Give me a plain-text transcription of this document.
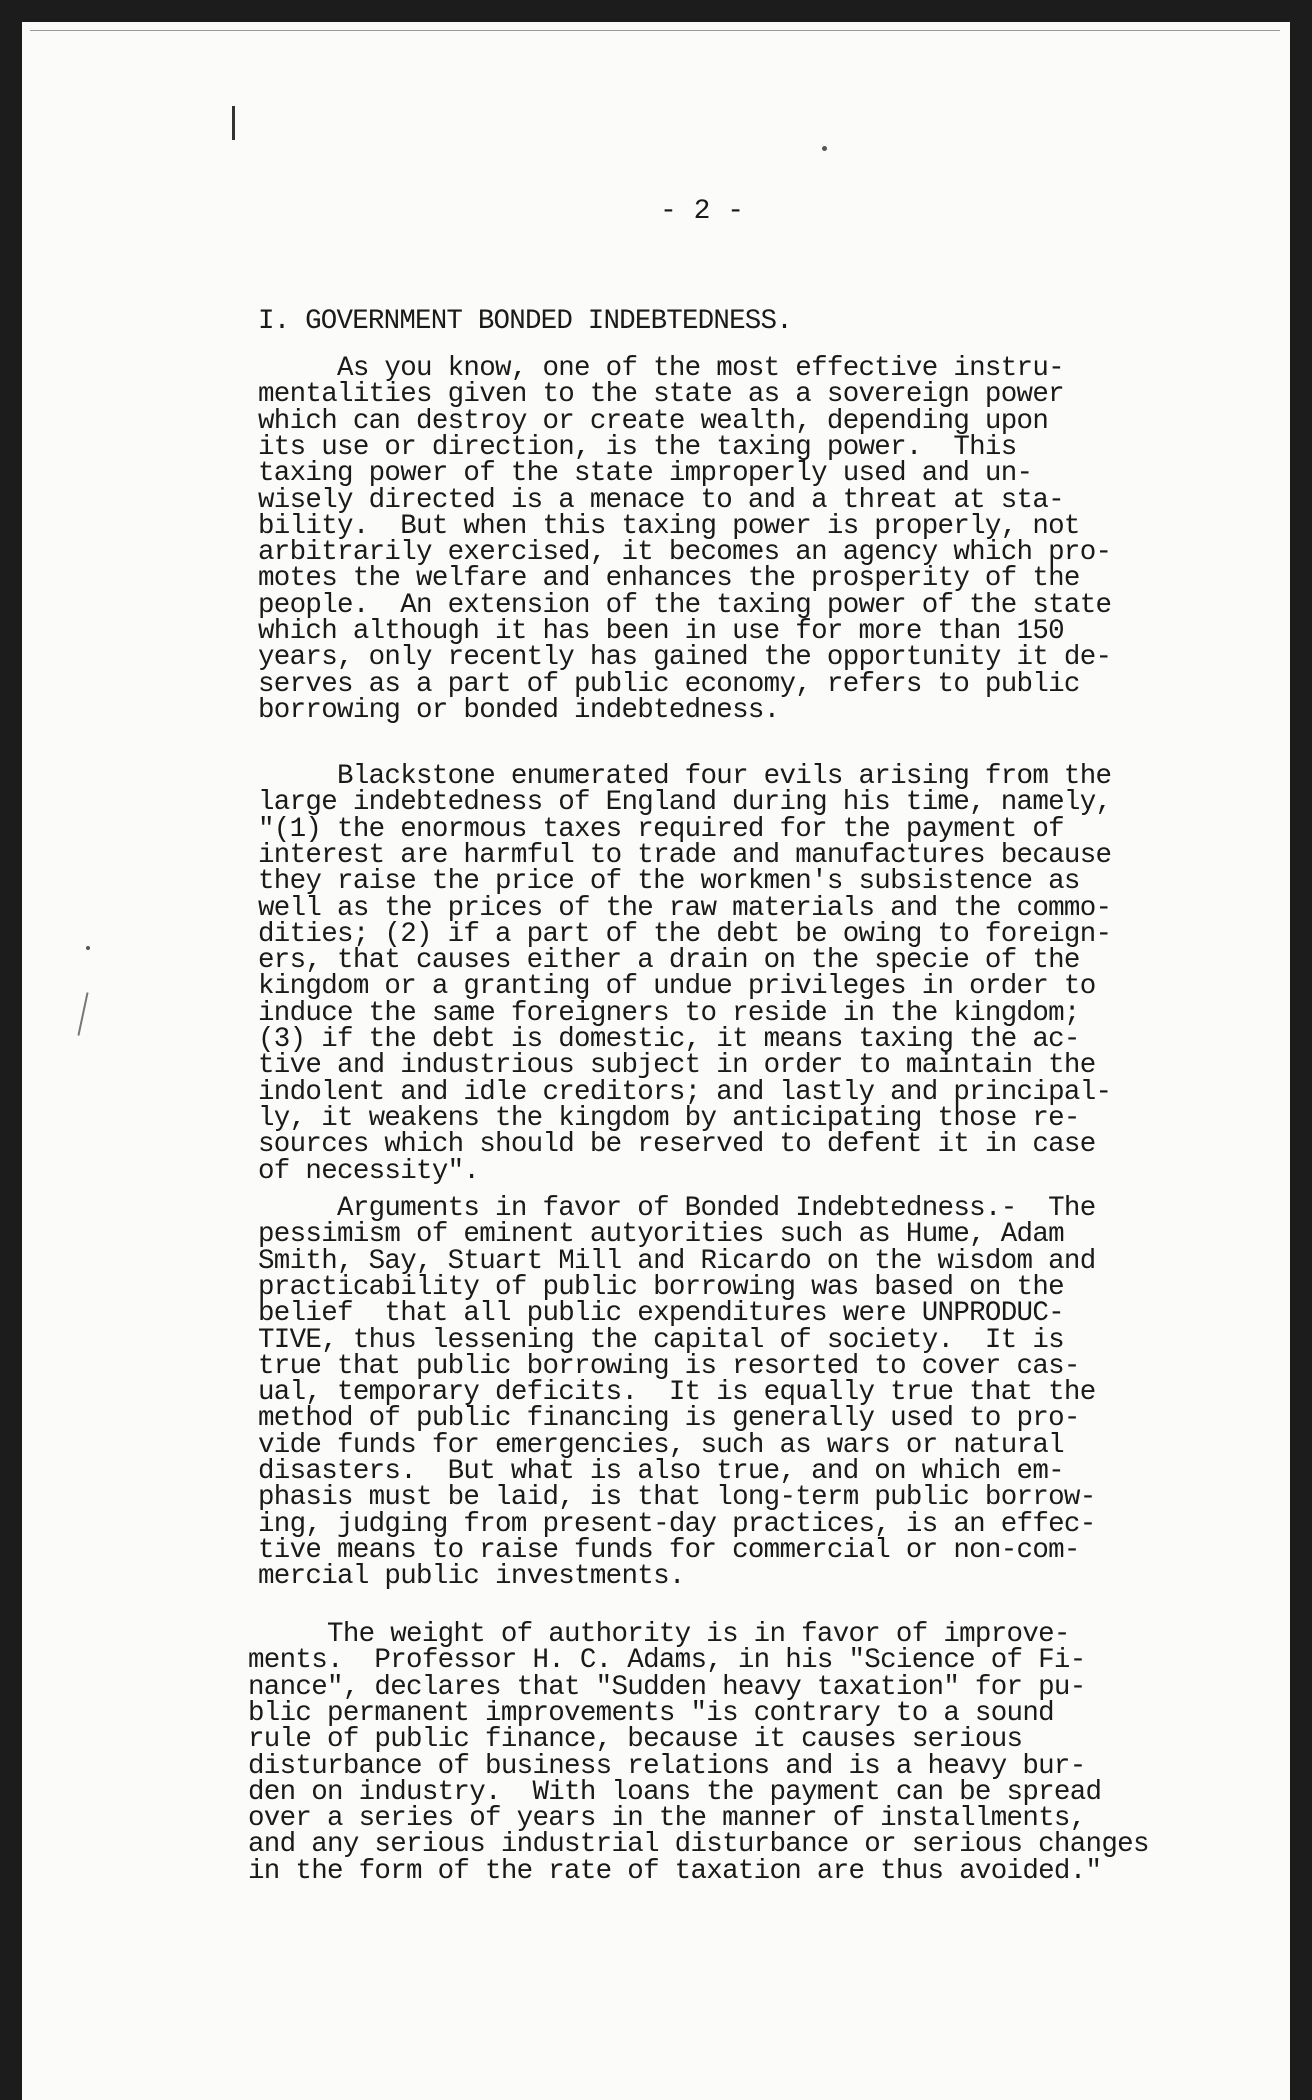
- 2 -
I. GOVERNMENT BONDED INDEBTEDNESS.
As you know, one of the most effective instru-
mentalities given to the state as a sovereign power
which can destroy or create wealth, depending upon
its use or direction, is the taxing power.  This
taxing power of the state improperly used and un-
wisely directed is a menace to and a threat at sta-
bility.  But when this taxing power is properly, not
arbitrarily exercised, it becomes an agency which pro-
motes the welfare and enhances the prosperity of the
people.  An extension of the taxing power of the state
which although it has been in use for more than 150
years, only recently has gained the opportunity it de-
serves as a part of public economy, refers to public
borrowing or bonded indebtedness.
Blackstone enumerated four evils arising from the
large indebtedness of England during his time, namely,
"(1) the enormous taxes required for the payment of
interest are harmful to trade and manufactures because
they raise the price of the workmen's subsistence as
well as the prices of the raw materials and the commo-
dities; (2) if a part of the debt be owing to foreign-
ers, that causes either a drain on the specie of the
kingdom or a granting of undue privileges in order to
induce the same foreigners to reside in the kingdom;
(3) if the debt is domestic, it means taxing the ac-
tive and industrious subject in order to maintain the
indolent and idle creditors; and lastly and principal-
ly, it weakens the kingdom by anticipating those re-
sources which should be reserved to defent it in case
of necessity".
Arguments in favor of Bonded Indebtedness.-  The
pessimism of eminent autyorities such as Hume, Adam
Smith, Say, Stuart Mill and Ricardo on the wisdom and
practicability of public borrowing was based on the
belief  that all public expenditures were UNPRODUC-
TIVE, thus lessening the capital of society.  It is
true that public borrowing is resorted to cover cas-
ual, temporary deficits.  It is equally true that the
method of public financing is generally used to pro-
vide funds for emergencies, such as wars or natural
disasters.  But what is also true, and on which em-
phasis must be laid, is that long-term public borrow-
ing, judging from present-day practices, is an effec-
tive means to raise funds for commercial or non-com-
mercial public investments.
The weight of authority is in favor of improve-
ments.  Professor H. C. Adams, in his "Science of Fi-
nance", declares that "Sudden heavy taxation" for pu-
blic permanent improvements "is contrary to a sound
rule of public finance, because it causes serious
disturbance of business relations and is a heavy bur-
den on industry.  With loans the payment can be spread
over a series of years in the manner of installments,
and any serious industrial disturbance or serious changes
in the form of the rate of taxation are thus avoided."
